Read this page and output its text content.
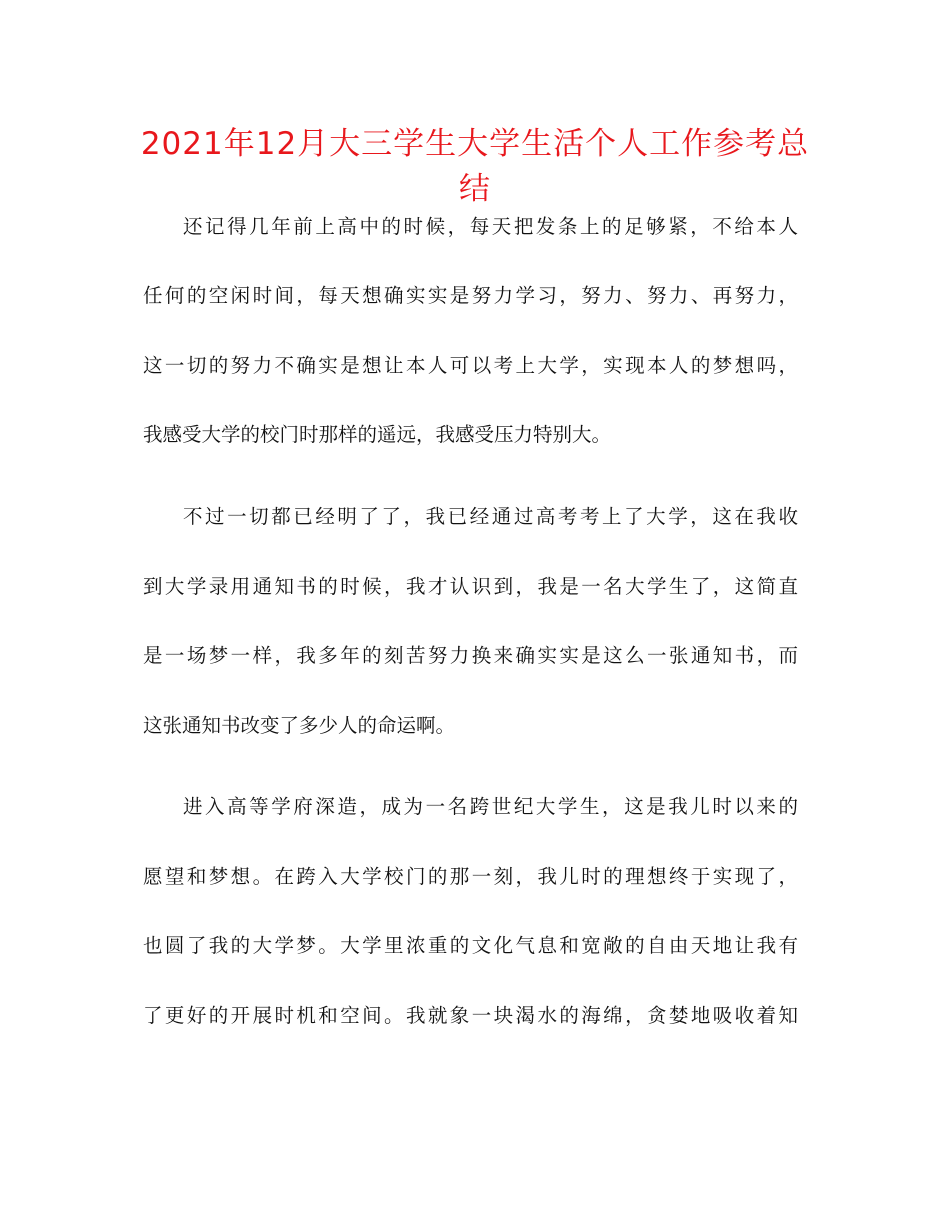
2021年12月大三学生大学生活个人工作参考总结
还记得几年前上高中的时候，每天把发条上的足够紧，不给本人
任何的空闲时间，每天想确实实是努力学习，努力、努力、再努力，
这一切的努力不确实是想让本人可以考上大学，实现本人的梦想吗，
我感受大学的校门时那样的遥远，我感受压力特别大。
不过一切都已经明了了，我已经通过高考考上了大学，这在我收
到大学录用通知书的时候，我才认识到，我是一名大学生了，这简直
是一场梦一样，我多年的刻苦努力换来确实实是这么一张通知书，而
这张通知书改变了多少人的命运啊。
进入高等学府深造，成为一名跨世纪大学生，这是我儿时以来的
愿望和梦想。在跨入大学校门的那一刻，我儿时的理想终于实现了，
也圆了我的大学梦。大学里浓重的文化气息和宽敞的自由天地让我有
了更好的开展时机和空间。我就象一块渴水的海绵，贪婪地吸收着知
